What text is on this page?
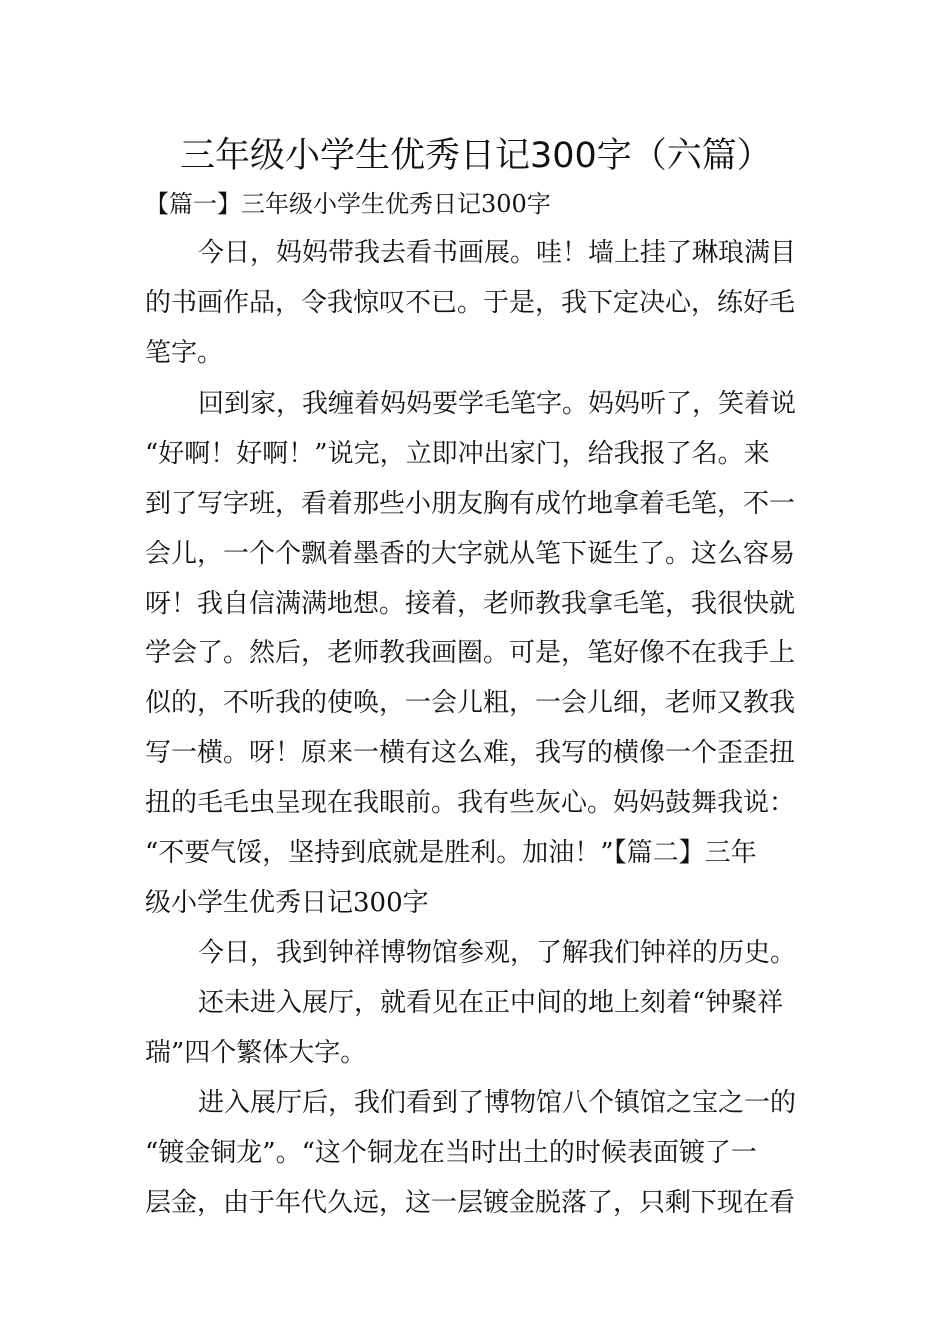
三年级小学生优秀日记300字（六篇）
【篇一】三年级小学生优秀日记300字
今日，妈妈带我去看书画展。哇！墙上挂了琳琅满目
的书画作品，令我惊叹不已。于是，我下定决心，练好毛
笔字。
回到家，我缠着妈妈要学毛笔字。妈妈听了，笑着说
“好啊！好啊！”说完，立即冲出家门，给我报了名。来
到了写字班，看着那些小朋友胸有成竹地拿着毛笔，不一
会儿，一个个飘着墨香的大字就从笔下诞生了。这么容易
呀！我自信满满地想。接着，老师教我拿毛笔，我很快就
学会了。然后，老师教我画圈。可是，笔好像不在我手上
似的，不听我的使唤，一会儿粗，一会儿细，老师又教我
写一横。呀！原来一横有这么难，我写的横像一个歪歪扭
扭的毛毛虫呈现在我眼前。我有些灰心。妈妈鼓舞我说：
“不要气馁，坚持到底就是胜利。加油！”【篇二】三年
级小学生优秀日记300字
今日，我到钟祥博物馆参观，了解我们钟祥的历史。
还未进入展厅，就看见在正中间的地上刻着“钟聚祥
瑞”四个繁体大字。
进入展厅后，我们看到了博物馆八个镇馆之宝之一的
“镀金铜龙”。“这个铜龙在当时出土的时候表面镀了一
层金，由于年代久远，这一层镀金脱落了，只剩下现在看
